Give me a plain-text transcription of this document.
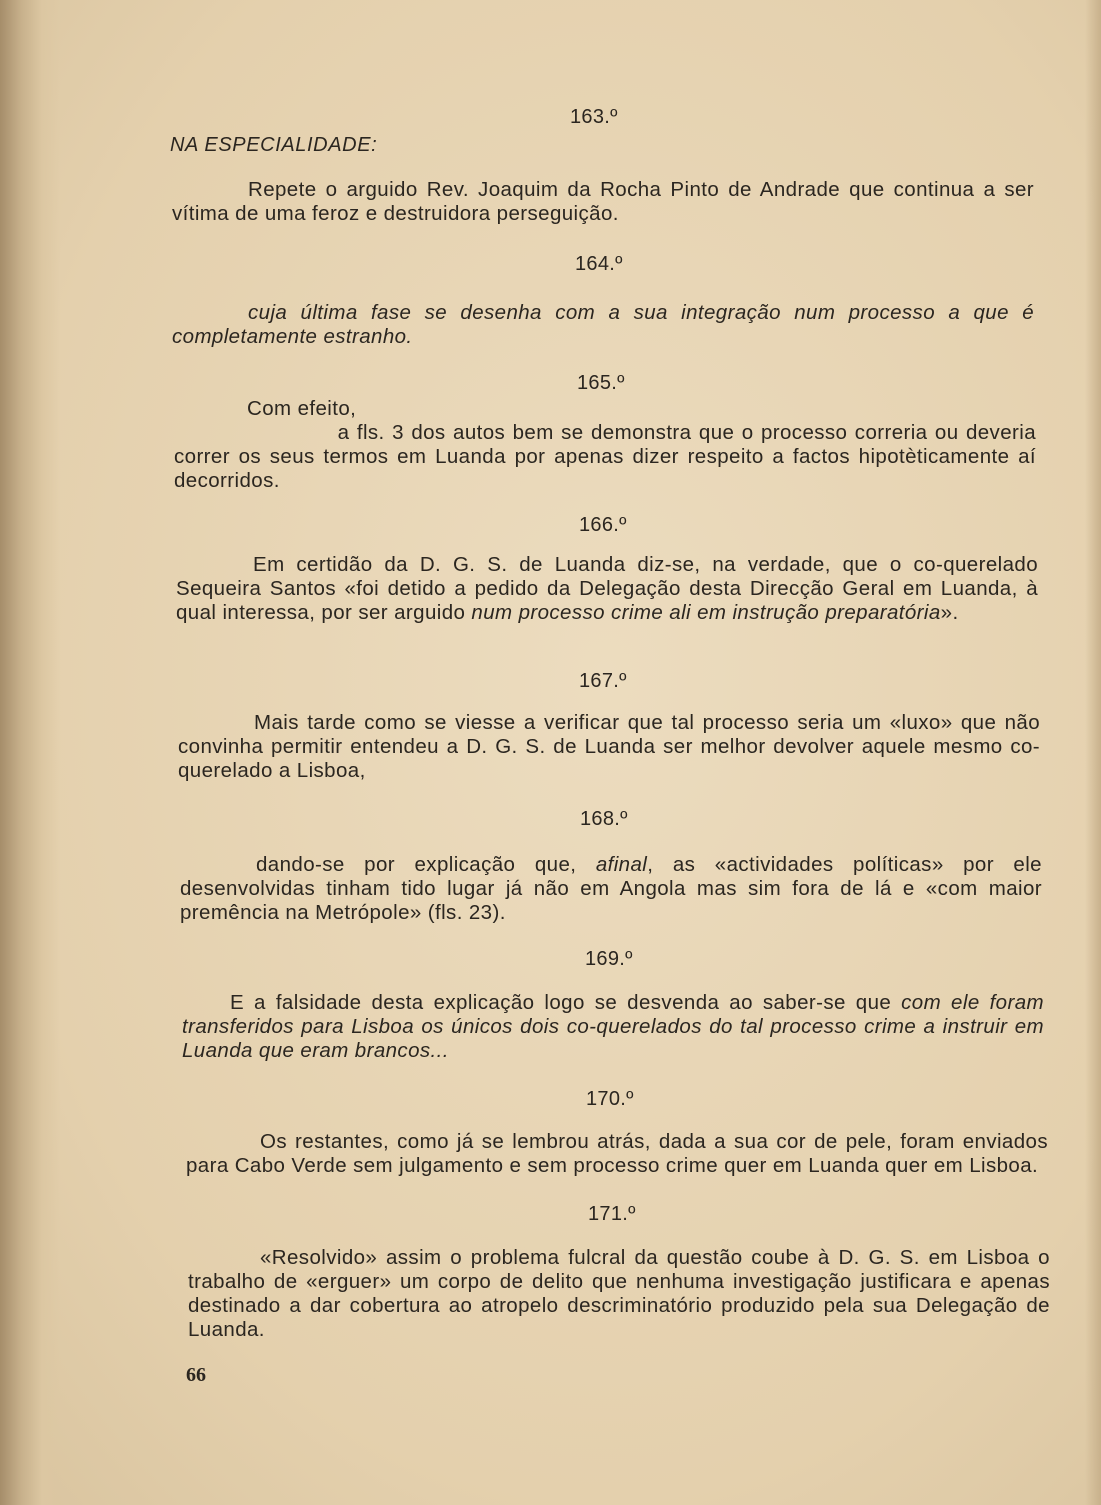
NA ESPECIALIDADE:
163.º
Repete o arguido Rev. Joaquim da Rocha Pinto de Andrade que continua a ser vítima de uma feroz e destruidora perseguição.
164.º
cuja última fase se desenha com a sua integração num processo a que é completamente estranho.
165.º
Com efeito,
a fls. 3 dos autos bem se demonstra que o processo correria ou deveria correr os seus termos em Luanda por apenas dizer respeito a factos hipotèticamente aí decorridos.
166.º
Em certidão da D. G. S. de Luanda diz-se, na verdade, que o co-querelado Sequeira Santos «foi detido a pedido da Delegação desta Direcção Geral em Luanda, à qual interessa, por ser arguido num processo crime ali em instrução preparatória».
167.º
Mais tarde como se viesse a verificar que tal processo seria um «luxo» que não convinha permitir entendeu a D. G. S. de Luanda ser melhor devolver aquele mesmo co-querelado a Lisboa,
168.º
dando-se por explicação que, afinal, as «actividades políticas» por ele desenvolvidas tinham tido lugar já não em Angola mas sim fora de lá e «com maior premência na Metrópole» (fls. 23).
169.º
E a falsidade desta explicação logo se desvenda ao saber-se que com ele foram transferidos para Lisboa os únicos dois co-querelados do tal processo crime a instruir em Luanda que eram brancos...
170.º
Os restantes, como já se lembrou atrás, dada a sua cor de pele, foram enviados para Cabo Verde sem julgamento e sem processo crime quer em Luanda quer em Lisboa.
171.º
«Resolvido» assim o problema fulcral da questão coube à D. G. S. em Lisboa o trabalho de «erguer» um corpo de delito que nenhuma investigação justificara e apenas destinado a dar cobertura ao atropelo descriminatório produzido pela sua Delegação de Luanda.
66
